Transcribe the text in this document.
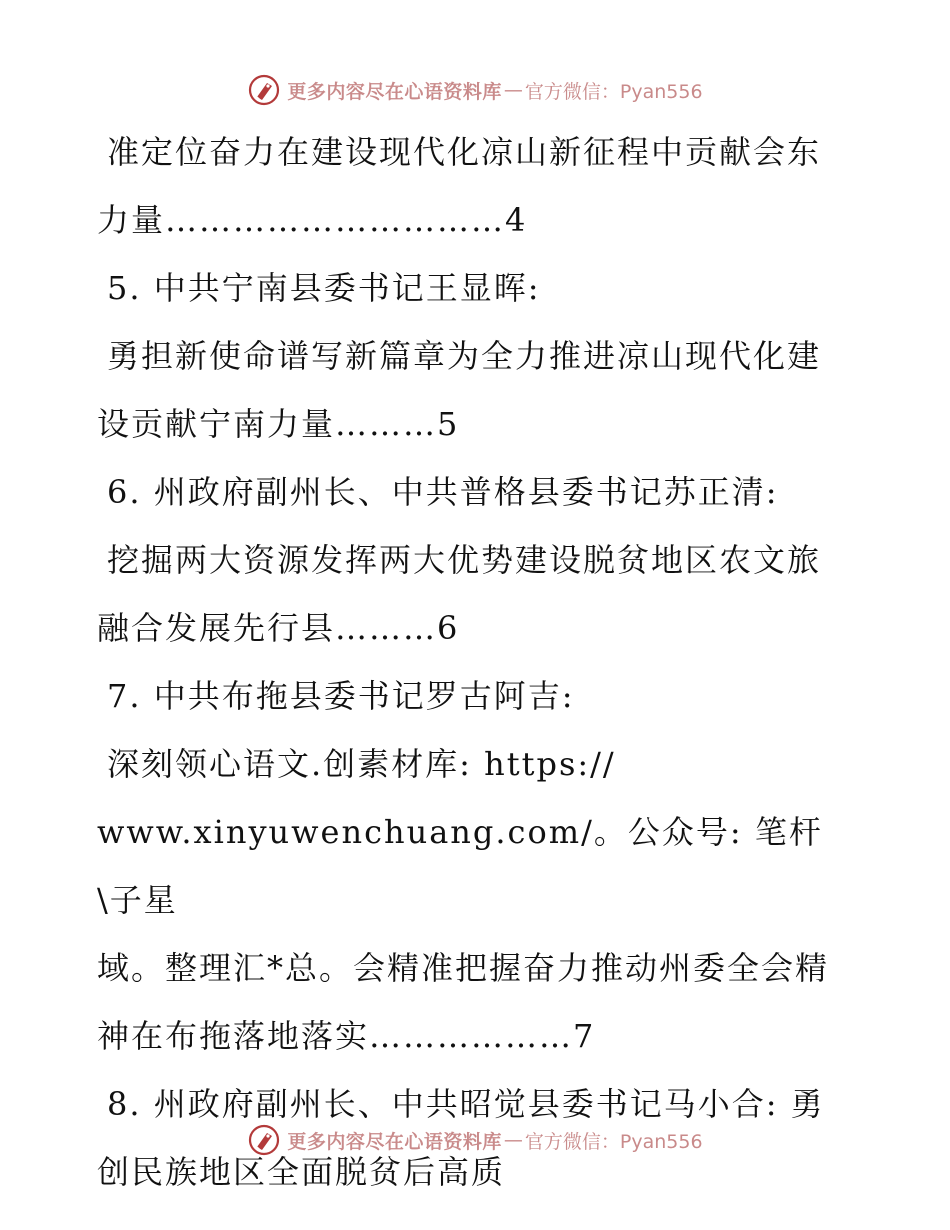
更多内容尽在心语资料库 — 官方微信：Pyan556
准定位奋力在建设现代化凉山新征程中贡献会东
力量…………………………4
5. 中共宁南县委书记王显晖:
勇担新使命谱写新篇章为全力推进凉山现代化建
设贡献宁南力量………5
6. 州政府副州长、中共普格县委书记苏正清:
挖掘两大资源发挥两大优势建设脱贫地区农文旅
融合发展先行县………6
7. 中共布拖县委书记罗古阿吉:
深刻领心语文.创素材库: https://
www.xinyuwenchuang.com/。公众号: 笔杆\子星
域。整理汇*总。会精准把握奋力推动州委全会精
神在布拖落地落实………………7
8. 州政府副州长、中共昭觉县委书记马小合: 勇
创民族地区全面脱贫后高质
更多内容尽在心语资料库 — 官方微信：Pyan556
